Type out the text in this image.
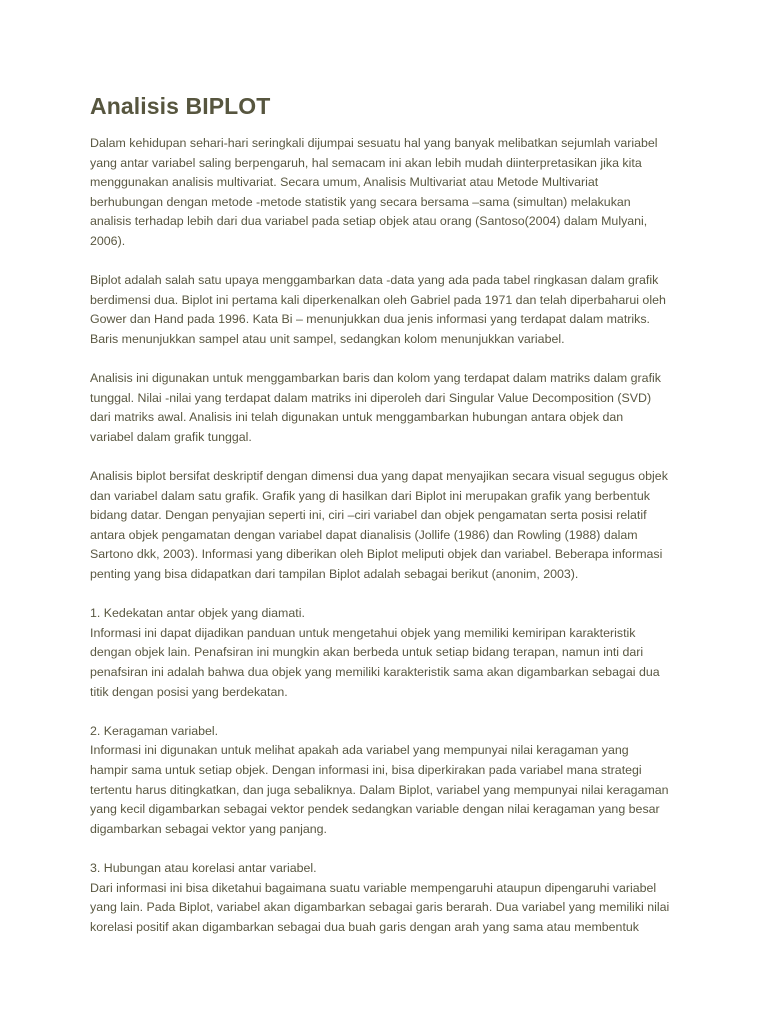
Analisis BIPLOT

Dalam kehidupan sehari-hari seringkali dijumpai sesuatu hal yang banyak melibatkan sejumlah variabel
yang antar variabel saling berpengaruh, hal semacam ini akan lebih mudah diinterpretasikan jika kita
menggunakan analisis multivariat. Secara umum, Analisis Multivariat atau Metode Multivariat
berhubungan dengan metode -metode statistik yang secara bersama –sama (simultan) melakukan
analisis terhadap lebih dari dua variabel pada setiap objek atau orang (Santoso(2004) dalam Mulyani,
2006).

Biplot adalah salah satu upaya menggambarkan data -data yang ada pada tabel ringkasan dalam grafik
berdimensi dua. Biplot ini pertama kali diperkenalkan oleh Gabriel pada 1971 dan telah diperbaharui oleh
Gower dan Hand pada 1996. Kata Bi – menunjukkan dua jenis informasi yang terdapat dalam matriks.
Baris menunjukkan sampel atau unit sampel, sedangkan kolom menunjukkan variabel.

Analisis ini digunakan untuk menggambarkan baris dan kolom yang terdapat dalam matriks dalam grafik
tunggal. Nilai -nilai yang terdapat dalam matriks ini diperoleh dari Singular Value Decomposition (SVD)
dari matriks awal. Analisis ini telah digunakan untuk menggambarkan hubungan antara objek dan
variabel dalam grafik tunggal.

Analisis biplot bersifat deskriptif dengan dimensi dua yang dapat menyajikan secara visual segugus objek
dan variabel dalam satu grafik. Grafik yang di hasilkan dari Biplot ini merupakan grafik yang berbentuk
bidang datar. Dengan penyajian seperti ini, ciri –ciri variabel dan objek pengamatan serta posisi relatif
antara objek pengamatan dengan variabel dapat dianalisis (Jollife (1986) dan Rowling (1988) dalam
Sartono dkk, 2003). Informasi yang diberikan oleh Biplot meliputi objek dan variabel. Beberapa informasi
penting yang bisa didapatkan dari tampilan Biplot adalah sebagai berikut (anonim, 2003).

1. Kedekatan antar objek yang diamati.
Informasi ini dapat dijadikan panduan untuk mengetahui objek yang memiliki kemiripan karakteristik
dengan objek lain. Penafsiran ini mungkin akan berbeda untuk setiap bidang terapan, namun inti dari
penafsiran ini adalah bahwa dua objek yang memiliki karakteristik sama akan digambarkan sebagai dua
titik dengan posisi yang berdekatan.

2. Keragaman variabel.
Informasi ini digunakan untuk melihat apakah ada variabel yang mempunyai nilai keragaman yang
hampir sama untuk setiap objek. Dengan informasi ini, bisa diperkirakan pada variabel mana strategi
tertentu harus ditingkatkan, dan juga sebaliknya. Dalam Biplot, variabel yang mempunyai nilai keragaman
yang kecil digambarkan sebagai vektor pendek sedangkan variable dengan nilai keragaman yang besar
digambarkan sebagai vektor yang panjang.

3. Hubungan atau korelasi antar variabel.
Dari informasi ini bisa diketahui bagaimana suatu variable mempengaruhi ataupun dipengaruhi variabel
yang lain. Pada Biplot, variabel akan digambarkan sebagai garis berarah. Dua variabel yang memiliki nilai
korelasi positif akan digambarkan sebagai dua buah garis dengan arah yang sama atau membentuk
